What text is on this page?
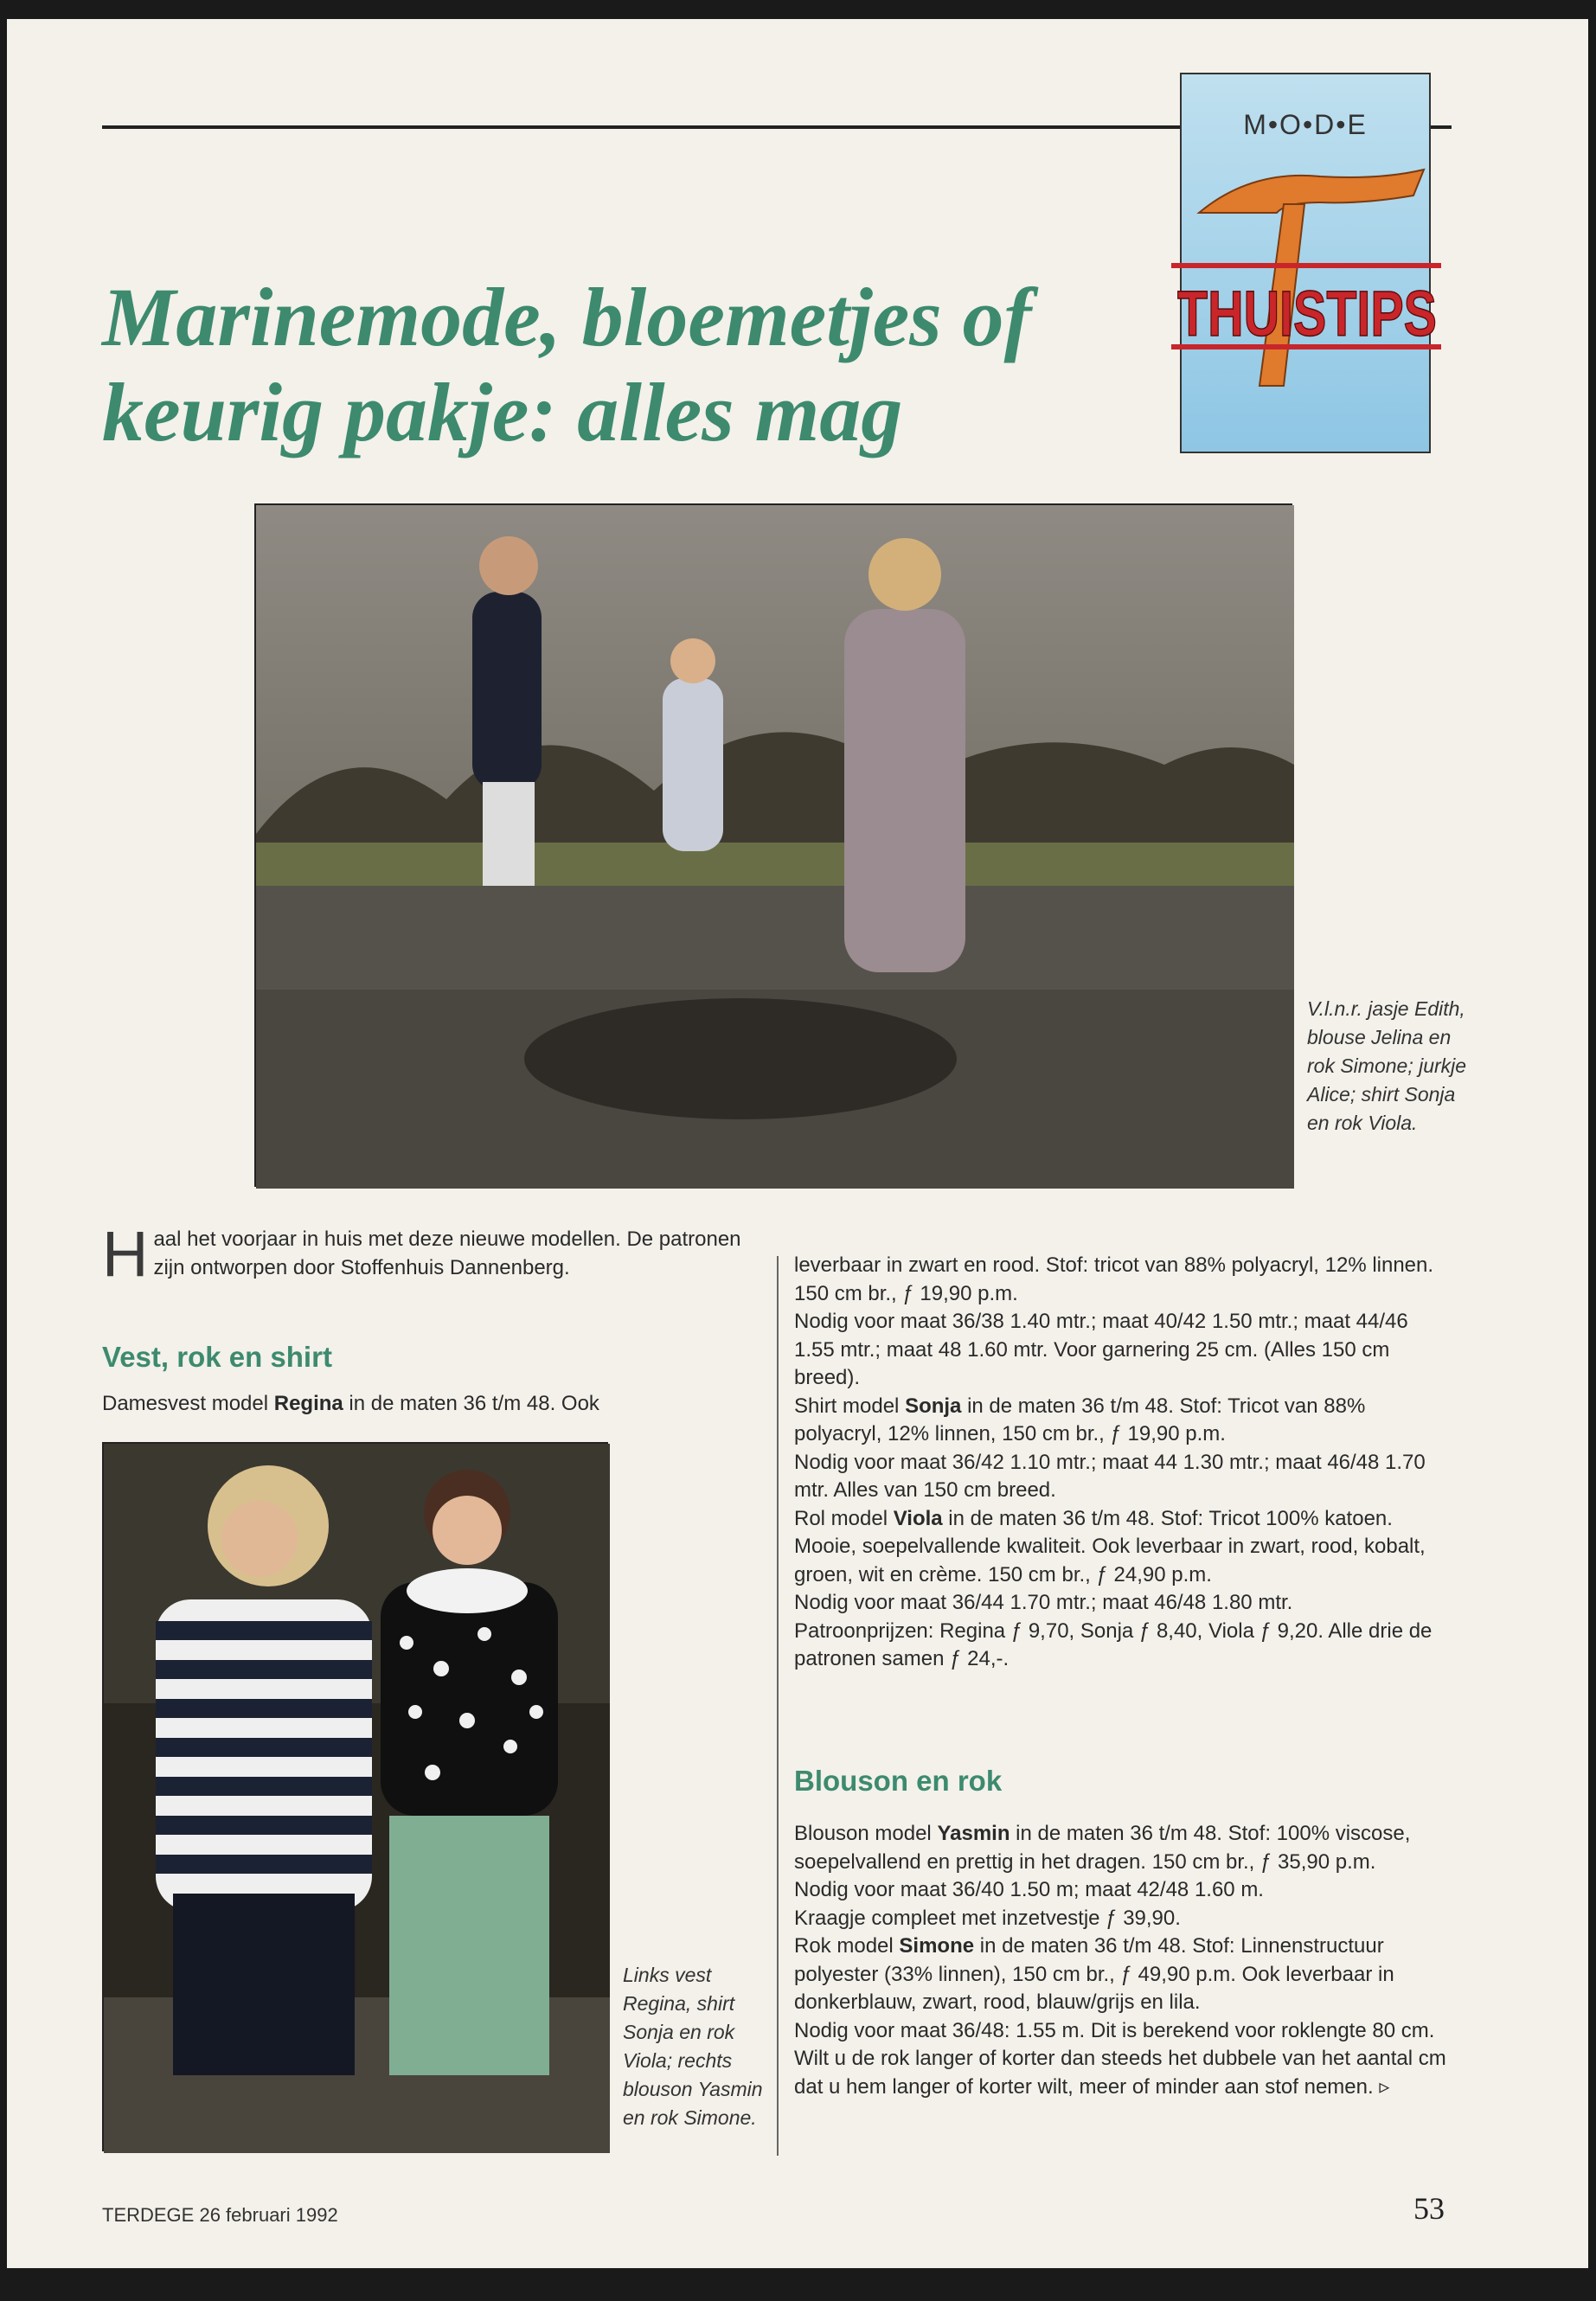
M•O•D•E
THUISTIPS
Marinemode, bloemetjes of keurig pakje: alles mag

V.l.n.r. jasje Edith, blouse Jelina en rok Simone; jurkje Alice; shirt Sonja en rok Viola.

Haal het voorjaar in huis met deze nieuwe modellen. De patronen zijn ontworpen door Stoffenhuis Dannenberg.

Vest, rok en shirt

Damesvest model Regina in de maten 36 t/m 48. Ook

Links vest Regina, shirt Sonja en rok Viola; rechts blouson Yasmin en rok Simone.

leverbaar in zwart en rood. Stof: tricot van 88% polyacryl, 12% linnen. 150 cm br., ƒ 19,90 p.m.

Nodig voor maat 36/38 1.40 mtr.; maat 40/42 1.50 mtr.; maat 44/46 1.55 mtr.; maat 48 1.60 mtr. Voor garnering 25 cm. (Alles 150 cm breed).

Shirt model Sonja in de maten 36 t/m 48. Stof: Tricot van 88% polyacryl, 12% linnen, 150 cm br., ƒ 19,90 p.m.

Nodig voor maat 36/42 1.10 mtr.; maat 44 1.30 mtr.; maat 46/48 1.70 mtr. Alles van 150 cm breed.

Rol model Viola in de maten 36 t/m 48. Stof: Tricot 100% katoen. Mooie, soepelvallende kwaliteit. Ook leverbaar in zwart, rood, kobalt, groen, wit en crème. 150 cm br., ƒ 24,90 p.m.

Nodig voor maat 36/44 1.70 mtr.; maat 46/48 1.80 mtr.

Patroonprijzen: Regina ƒ 9,70, Sonja ƒ 8,40, Viola ƒ 9,20. Alle drie de patronen samen ƒ 24,-.

Blouson en rok

Blouson model Yasmin in de maten 36 t/m 48. Stof: 100% viscose, soepelvallend en prettig in het dragen. 150 cm br., ƒ 35,90 p.m.

Nodig voor maat 36/40 1.50 m; maat 42/48 1.60 m.

Kraagje compleet met inzetvestje ƒ 39,90.

Rok model Simone in de maten 36 t/m 48. Stof: Linnenstructuur polyester (33% linnen), 150 cm br., ƒ 49,90 p.m. Ook leverbaar in donkerblauw, zwart, rood, blauw/grijs en lila.

Nodig voor maat 36/48: 1.55 m. Dit is berekend voor roklengte 80 cm. Wilt u de rok langer of korter dan steeds het dubbele van het aantal cm dat u hem langer of korter wilt, meer of minder aan stof nemen. ▹

TERDEGE 26 februari 1992	53
